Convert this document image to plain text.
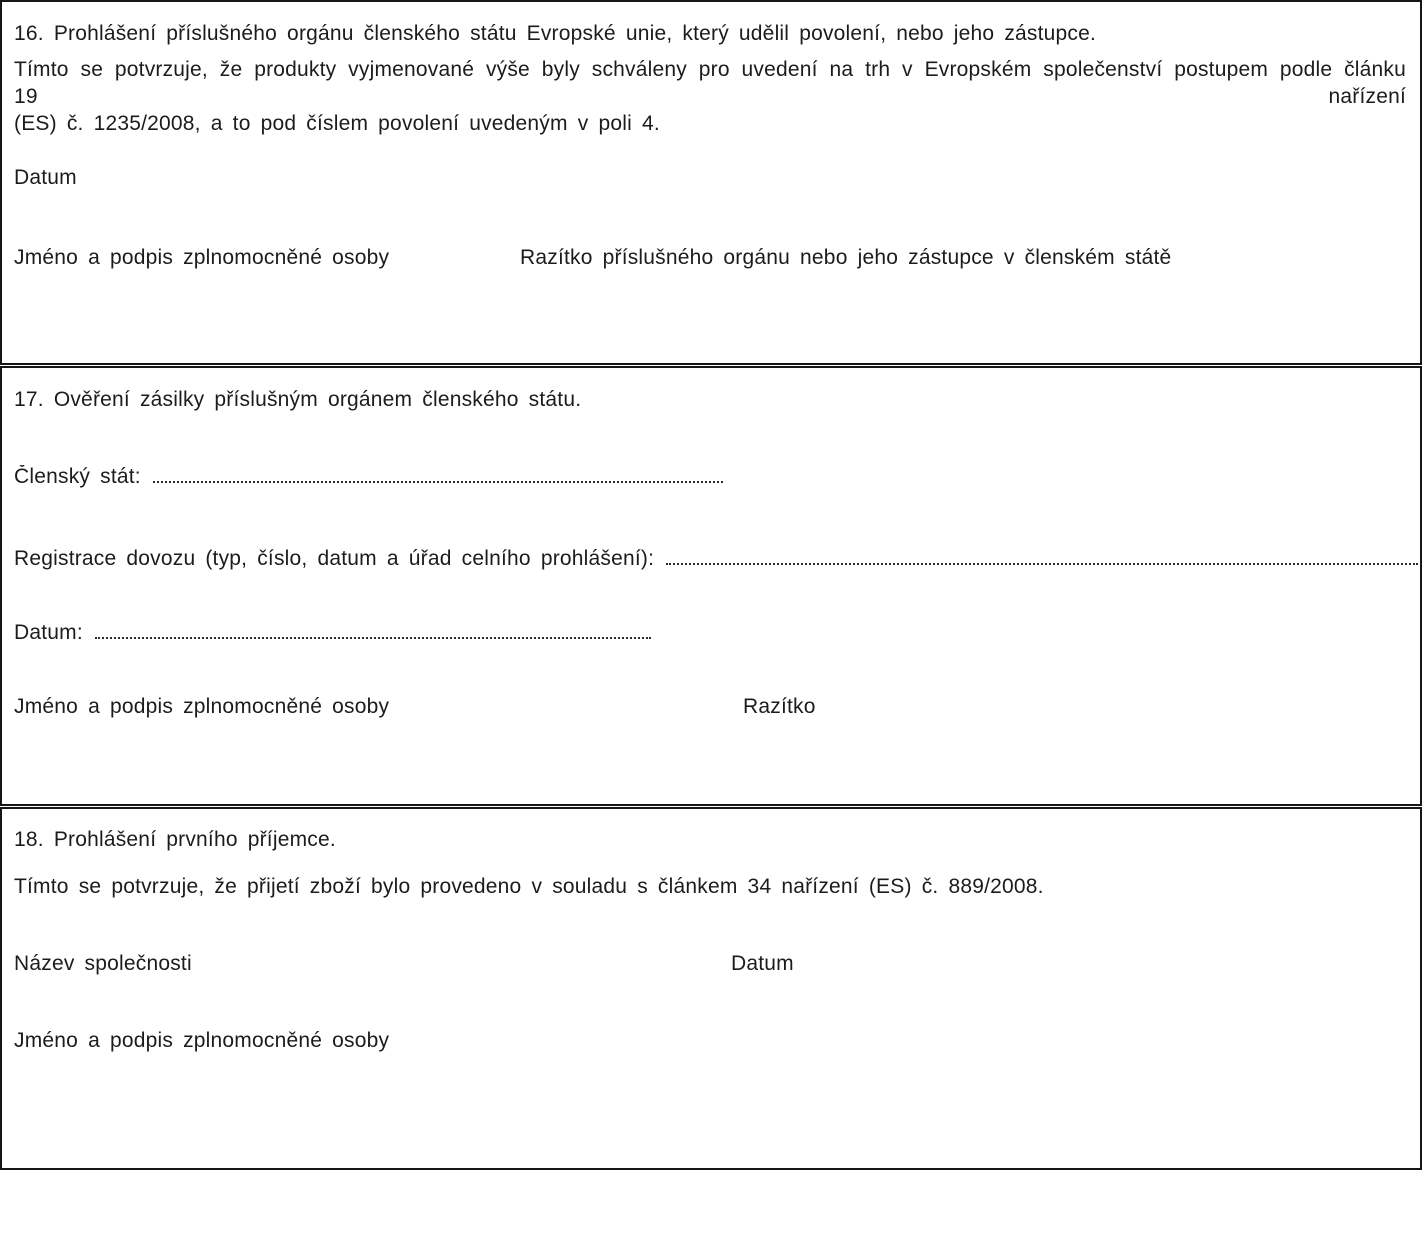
16. Prohlášení příslušného orgánu členského státu Evropské unie, který udělil povolení, nebo jeho zástupce.
Tímto se potvrzuje, že produkty vyjmenované výše byly schváleny pro uvedení na trh v Evropském společenství postupem podle článku 19 nařízení
(ES) č. 1235/2008, a to pod číslem povolení uvedeným v poli 4.
Datum
Jméno a podpis zplnomocněné osoby	Razítko příslušného orgánu nebo jeho zástupce v členském státě
17. Ověření zásilky příslušným orgánem členského státu.
Členský stát:
Registrace dovozu (typ, číslo, datum a úřad celního prohlášení):
Datum:
Jméno a podpis zplnomocněné osoby	Razítko
18. Prohlášení prvního příjemce.
Tímto se potvrzuje, že přijetí zboží bylo provedeno v souladu s článkem 34 nařízení (ES) č. 889/2008.
Název společnosti	Datum
Jméno a podpis zplnomocněné osoby
